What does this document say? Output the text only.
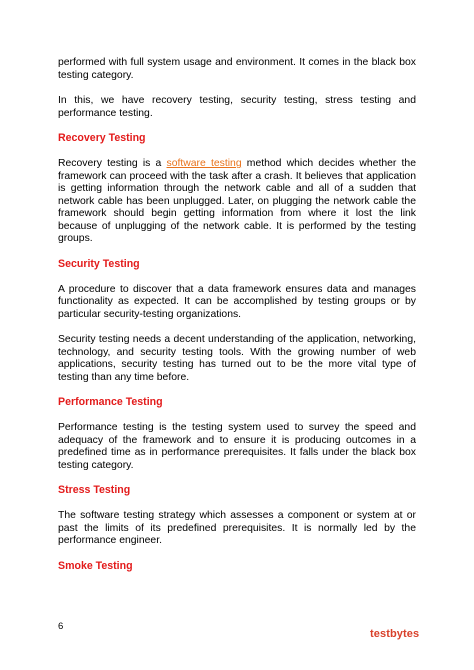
performed with full system usage and environment. It comes in the black box testing category.

In this, we have recovery testing, security testing, stress testing and performance testing.

Recovery Testing

Recovery testing is a software testing method which decides whether the framework can proceed with the task after a crash. It believes that application is getting information through the network cable and all of a sudden that network cable has been unplugged. Later, on plugging the network cable the framework should begin getting information from where it lost the link because of unplugging of the network cable. It is performed by the testing groups.

Security Testing

A procedure to discover that a data framework ensures data and manages functionality as expected. It can be accomplished by testing groups or by particular security-testing organizations.

Security testing needs a decent understanding of the application, networking, technology, and security testing tools. With the growing number of web applications, security testing has turned out to be the more vital type of testing than any time before.

Performance Testing

Performance testing is the testing system used to survey the speed and adequacy of the framework and to ensure it is producing outcomes in a predefined time as in performance prerequisites. It falls under the black box testing category.

Stress Testing

The software testing strategy which assesses a component or system at or past the limits of its predefined prerequisites. It is normally led by the performance engineer.

Smoke Testing
6
testbytes
